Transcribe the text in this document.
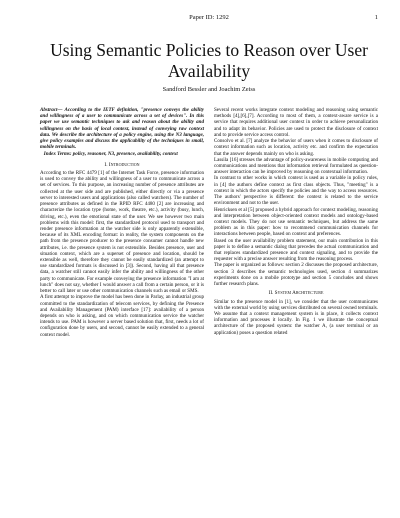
Paper ID: 1292	1
Using Semantic Policies to Reason over User Availability
Sandford Bessler and Joachim Zeiss

Abstract— According to the IETF definition, "presence conveys the ability and willingness of a user to communicate across a set of devices". In this paper we use semantic techniques to ask and reason about the ability and willingness on the basis of local context, instead of conveying raw context data. We describe the architecture of a policy engine, using the N3 language, give policy examples and discuss the applicability of the techniques in small, mobile terminals.

Index Terms: policy, reasoner, N3, presence, availability, context

I. Introduction

According to the RFC 4479 [1] of the Internet Task Force, presence information is used to convey the ability and willingness of a user to communicate across a set of services. To this purpose, an increasing number of presence attributes are collected at the user side and are published, either directly or via a presence server to interested users and applications (also called watchers). The number of presence attributes as defined in the RPID RFC 4480 [2] are increasing and characterize the location type (home, work, theatre, etc.), activity (busy, lunch, driving, etc.), even the emotional state of the user. We see however two main problems with this model: first, the standardized protocol used to transport and render presence information at the watcher side is only apparently extensible, because of its XML encoding format: in reality, the system components on the path from the presence producer to the presence consumer cannot handle new attributes, i.e. the presence system is not extensible. Besides presence, user and situation context, which are a superset of presence and location, should be extensible as well, therefore they cannot be easily standardized (an attempt to use standardized formats is discussed in [3]). Second, having all that presence data, a watcher still cannot easily infer the ability and willingness of the other party to communicate. For example conveying the presence information "I am at lunch" does not say, whether I would answer a call from a certain person, or it is better to call later or use other communication channels such as email or SMS.

A first attempt to improve the model has been done in Parlay, an industrial group committed to the standardization of telecom services, by defining the Presence and Availability Management (PAM) interface [17]: availability of a person depends on who is asking, and on which communication service the watcher intends to use. PAM is however a server based solution that, first, needs a lot of configuration done by users, and second, cannot be easily extended to a general context model.

Several recent works integrate context modeling and reasoning using semantic methods [4],[6],[7]. According to most of them, a context-aware service is a service that requires additional user context in order to achieve personalization and to adapt its behavior. Policies are used to protect the disclosure of context and to provide service access control.

Consolvo et al. [7] analyze the behavior of users when it comes to disclosure of context information such as location, activity etc. and confirm the expectation that the answer depends mainly on who is asking.

Lassila [16] stresses the advantage of policy-awareness in mobile computing and communications and mentions that information retrieval formulated as question-answer interaction can be improved by reasoning on contextual information.

In contrast to other works in which context is used as a variable in policy rules, in [4] the authors define context as first class objects. Thus, "meeting" is a context in which the actors specify the policies and the way to access resources. The authors' perspective is different: the context is related to the service environment and not to the user.

Henricksen et al [5] proposed a hybrid approach for context modeling, reasoning and interpretation between object-oriented context models and ontology-based context models. They do not use semantic techniques, but address the same problem as in this paper: how to recommend communication channels for interactions between people, based on context and preferences.

Based on the user availability problem statement, our main contribution in this paper is to define a semantic dialog that precedes the actual communication and that replaces standardized presence and context signaling, and to provide the requester with a precise answer resulting from the reasoning process.

The paper is organized as follows: section 2 discusses the proposed architecture, section 3 describes the semantic technologies used, section 4 summarizes experiments done on a mobile prototype and section 5 concludes and shows further research plans.

II. System Architecture

Similar to the presence model in [1], we consider that the user communicates with the external world by using services distributed on several owned terminals. We assume that a context management system is in place, it collects context information and processes it locally. In Fig. 1 we illustrate the conceptual architecture of the proposed system: the watcher A, (a user terminal or an application) poses a question related
